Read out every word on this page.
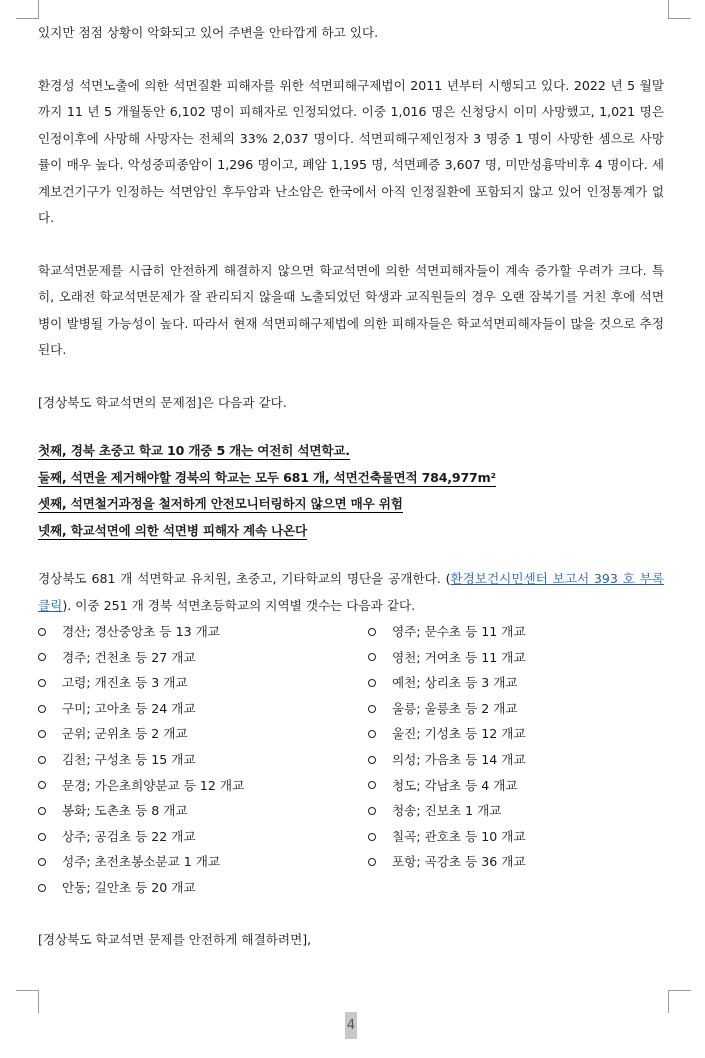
있지만 점점 상황이 악화되고 있어 주변을 안타깝게 하고 있다.

환경성 석면노출에 의한 석면질환 피해자를 위한 석면피해구제법이 2011 년부터 시행되고 있다. 2022 년 5 월말까지 11 년 5 개월동안 6,102 명이 피해자로 인정되었다. 이중 1,016 명은 신청당시 이미 사망했고, 1,021 명은 인정이후에 사망해 사망자는 전체의 33% 2,037 명이다. 석면피해구제인정자 3 명중 1 명이 사망한 셈으로 사망률이 매우 높다. 악성중피종암이 1,296 명이고, 폐암 1,195 명, 석면폐증 3,607 명, 미만성흉막비후 4 명이다. 세계보건기구가 인정하는 석면암인 후두암과 난소암은 한국에서 아직 인정질환에 포함되지 않고 있어 인정통계가 없다.

학교석면문제를 시급히 안전하게 해결하지 않으면 학교석면에 의한 석면피해자들이 계속 증가할 우려가 크다. 특히, 오래전 학교석면문제가 잘 관리되지 않을때 노출되었던 학생과 교직원들의 경우 오랜 잠복기를 거친 후에 석면병이 발병될 가능성이 높다. 따라서 현재 석면피해구제법에 의한 피해자들은 학교석면피해자들이 많을 것으로 추정된다.

[경상북도 학교석면의 문제점]은 다음과 같다.

첫째, 경북 초중고 학교 10 개중 5 개는 여전히 석면학교.
둘째, 석면을 제거해야할 경북의 학교는 모두 681 개, 석면건축물면적 784,977m²
셋째, 석면철거과정을 철저하게 안전모니터링하지 않으면 매우 위험
넷째, 학교석면에 의한 석면병 피해자 계속 나온다

경상북도 681 개 석면학교 유치원, 초중고, 기타학교의 명단을 공개한다. (환경보건시민센터 보고서 393 호 부록 클릭). 이중 251 개 경북 석면초등학교의 지역별 갯수는 다음과 같다.

경산; 경산중앙초 등 13 개교
경주; 건천초 등 27 개교
고령; 개진초 등 3 개교
구미; 고아초 등 24 개교
군위; 군위초 등 2 개교
김천; 구성초 등 15 개교
문경; 가은초희양분교 등 12 개교
봉화; 도촌초 등 8 개교
상주; 공검초 등 22 개교
성주; 초전초봉소분교 1 개교
안동; 길안초 등 20 개교
영주; 문수초 등 11 개교
영천; 거여초 등 11 개교
예천; 상리초 등 3 개교
울릉; 울릉초 등 2 개교
울진; 기성초 등 12 개교
의성; 가음초 등 14 개교
청도; 각남초 등 4 개교
청송; 진보초 1 개교
칠곡; 관호초 등 10 개교
포항; 곡강초 등 36 개교

[경상북도 학교석면 문제를 안전하게 해결하려면],

4
